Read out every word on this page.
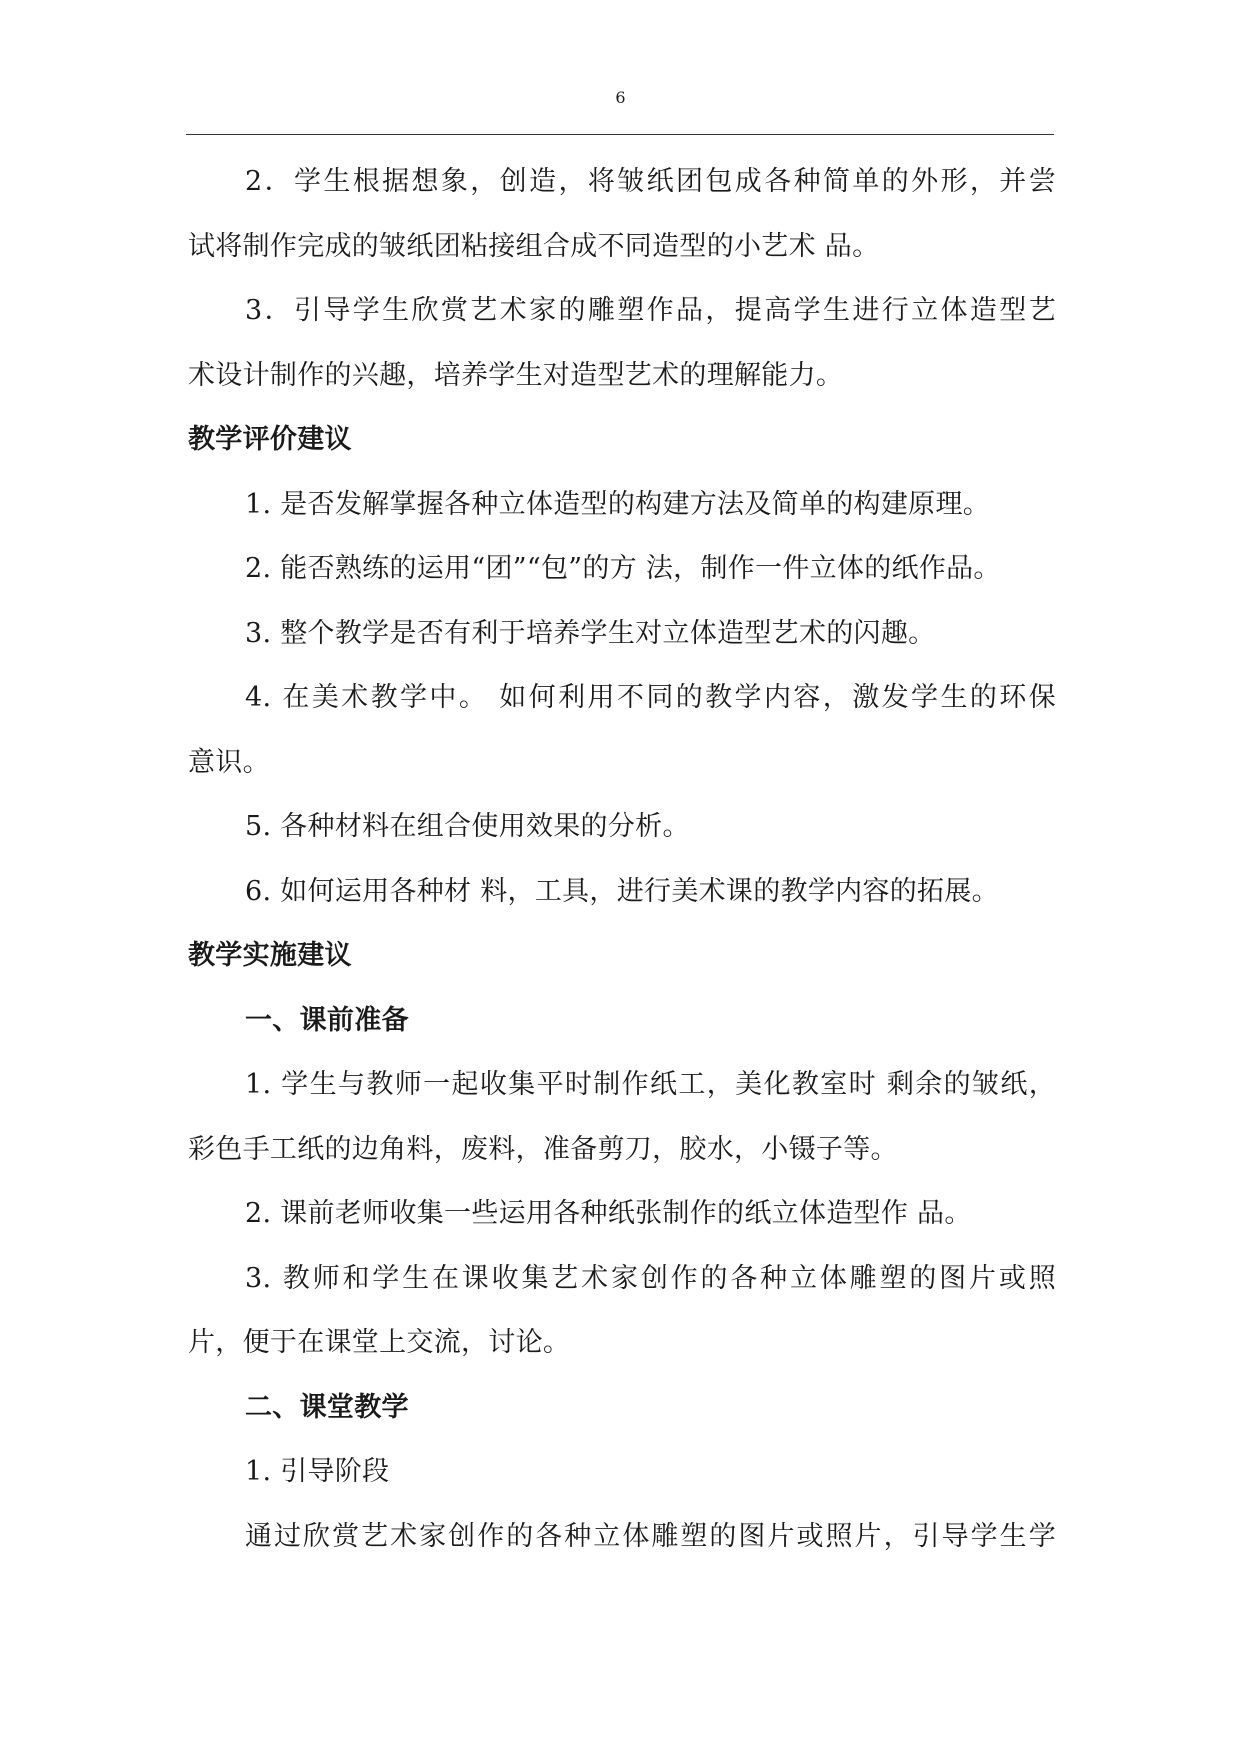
6
2．学生根据想象，创造，将皱纸团包成各种简单的外形，并尝
试将制作完成的皱纸团粘接组合成不同造型的小艺术 品。
3．引导学生欣赏艺术家的雕塑作品，提高学生进行立体造型艺
术设计制作的兴趣，培养学生对造型艺术的理解能力。
教学评价建议
1. 是否发解掌握各种立体造型的构建方法及简单的构建原理。
2. 能否熟练的运用“团”“包”的方 法，制作一件立体的纸作品。
3. 整个教学是否有利于培养学生对立体造型艺术的闪趣。
4. 在美术教学中。 如何利用不同的教学内容，激发学生的环保
意识。
5. 各种材料在组合使用效果的分析。
6. 如何运用各种材 料，工具，进行美术课的教学内容的拓展。
教学实施建议
一、课前准备
1. 学生与教师一起收集平时制作纸工，美化教室时 剩余的皱纸，
彩色手工纸的边角料，废料，准备剪刀，胶水，小镊子等。
2. 课前老师收集一些运用各种纸张制作的纸立体造型作 品。
3. 教师和学生在课收集艺术家创作的各种立体雕塑的图片或照
片，便于在课堂上交流，讨论。
二、课堂教学
1. 引导阶段
通过欣赏艺术家创作的各种立体雕塑的图片或照片，引导学生学
